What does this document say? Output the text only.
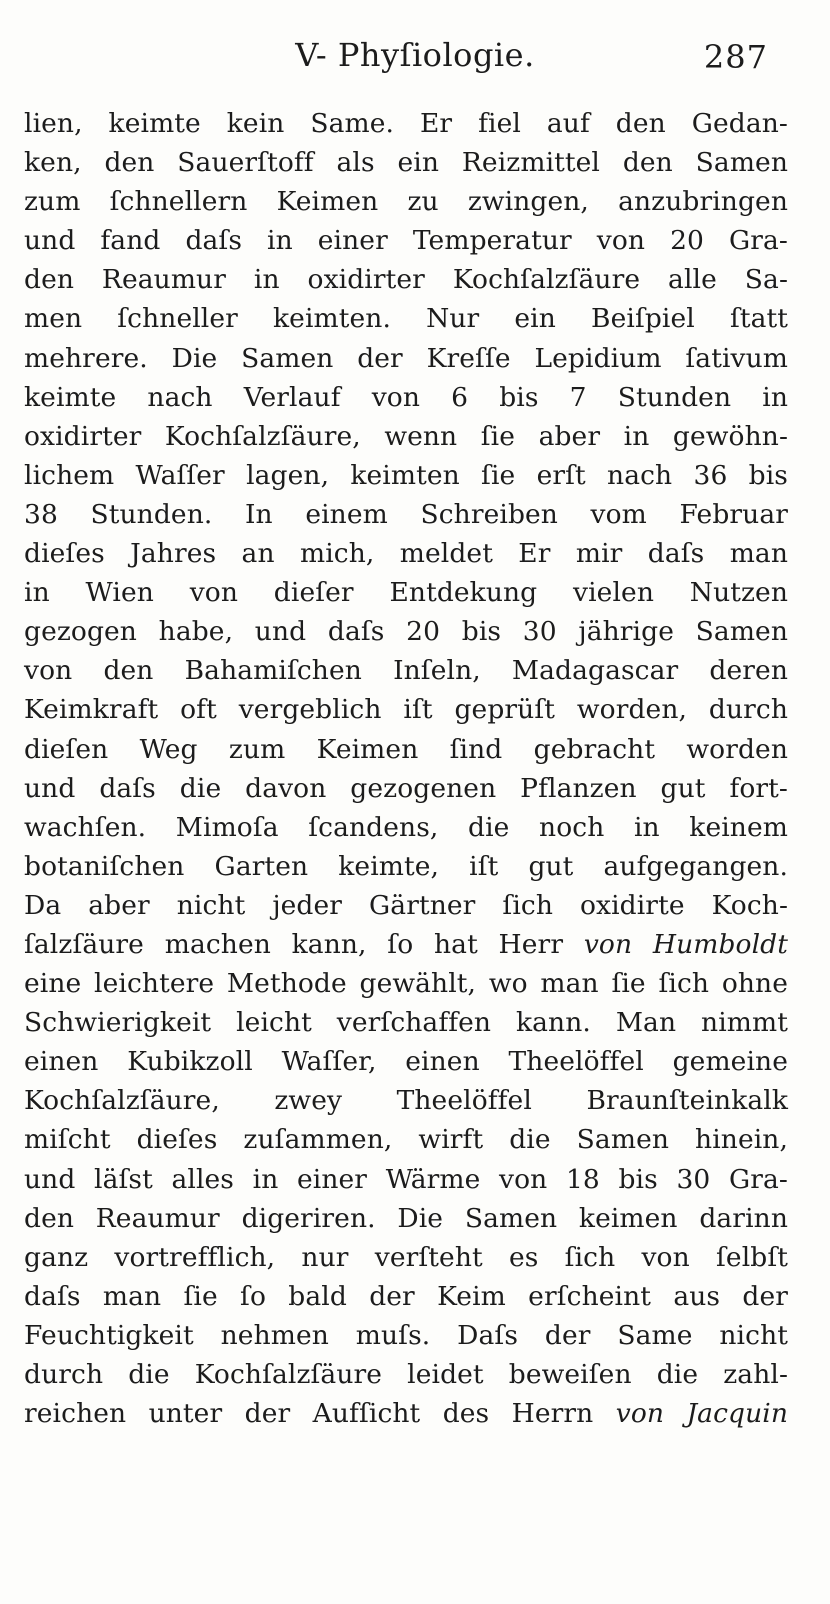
V- Phyſiologie.	287
lien, keimte kein Same. Er fiel auf den Gedan-
ken, den Sauerſtoff als ein Reizmittel den Samen
zum ſchnellern Keimen zu zwingen, anzubringen
und fand daſs in einer Temperatur von 20 Gra-
den Reaumur in oxidirter Kochſalzſäure alle Sa-
men ſchneller keimten. Nur ein Beiſpiel ſtatt
mehrere. Die Samen der Kreſſe Lepidium ſativum
keimte nach Verlauf von 6 bis 7 Stunden in
oxidirter Kochſalzſäure, wenn ſie aber in gewöhn-
lichem Waſſer lagen, keimten ſie erſt nach 36 bis
38 Stunden. In einem Schreiben vom Februar
dieſes Jahres an mich, meldet Er mir daſs man
in Wien von dieſer Entdekung vielen Nutzen
gezogen habe, und daſs 20 bis 30 jährige Samen
von den Bahamiſchen Inſeln, Madagascar deren
Keimkraft oft vergeblich iſt geprüſt worden, durch
dieſen Weg zum Keimen ſind gebracht worden
und daſs die davon gezogenen Pflanzen gut fort-
wachſen. Mimoſa ſcandens, die noch in keinem
botaniſchen Garten keimte, iſt gut aufgegangen.
Da aber nicht jeder Gärtner ſich oxidirte Koch-
ſalzſäure machen kann, ſo hat Herr von Humboldt
eine leichtere Methode gewählt, wo man ſie ſich ohne
Schwierigkeit leicht verſchaffen kann. Man nimmt
einen Kubikzoll Waſſer, einen Theelöffel gemeine
Kochſalzſäure, zwey Theelöffel Braunſteinkalk
miſcht dieſes zuſammen, wirft die Samen hinein,
und läſst alles in einer Wärme von 18 bis 30 Gra-
den Reaumur digeriren. Die Samen keimen darinn
ganz vortrefflich, nur verſteht es ſich von ſelbſt
daſs man ſie ſo bald der Keim erſcheint aus der
Feuchtigkeit nehmen muſs. Daſs der Same nicht
durch die Kochſalzſäure leidet beweiſen die zahl-
reichen unter der Aufſicht des Herrn von Jacquin
